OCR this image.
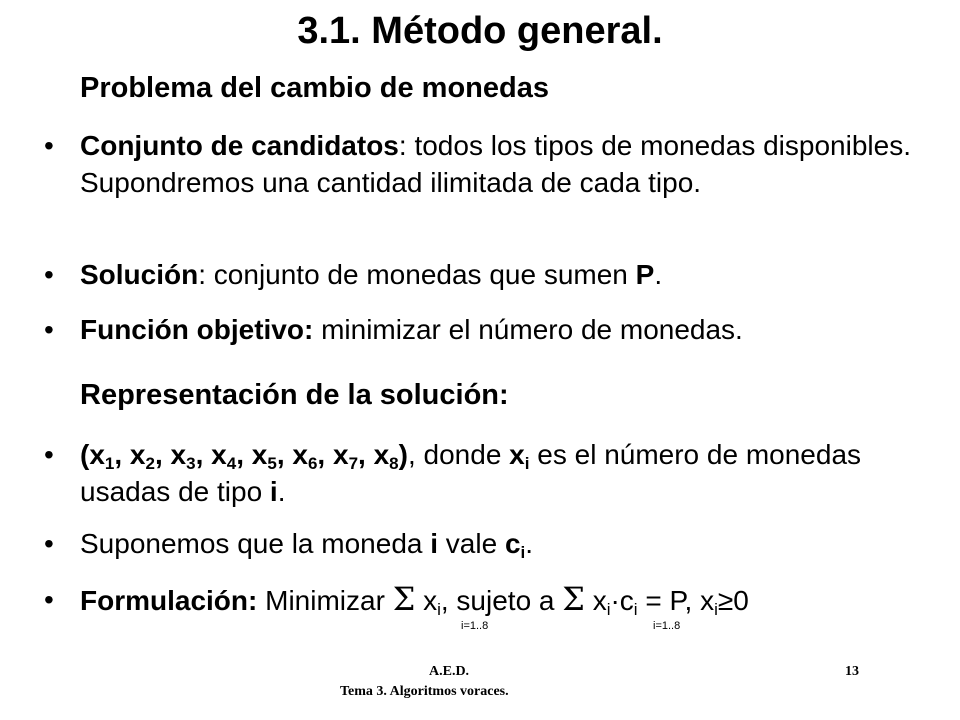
3.1. Método general.

Problema del cambio de monedas

• Conjunto de candidatos: todos los tipos de monedas disponibles. Supondremos una cantidad ilimitada de cada tipo.
• Solución: conjunto de monedas que sumen P.
• Función objetivo: minimizar el número de monedas.

Representación de la solución:

• ($x_1$, $x_2$, $x_3$, $x_4$, $x_5$, $x_6$, $x_7$, $x_8$), donde $x_i$ es el número de monedas usadas de tipo i.
• Suponemos que la moneda i vale $c_i$.
• Formulación: Minimizar Σ $x_i$, sujeto a Σ $x_i\cdot c_i = P$, $x_i\ge 0$
i=1..8	i=1..8
A.E.D.
Tema 3. Algoritmos voraces.
13
